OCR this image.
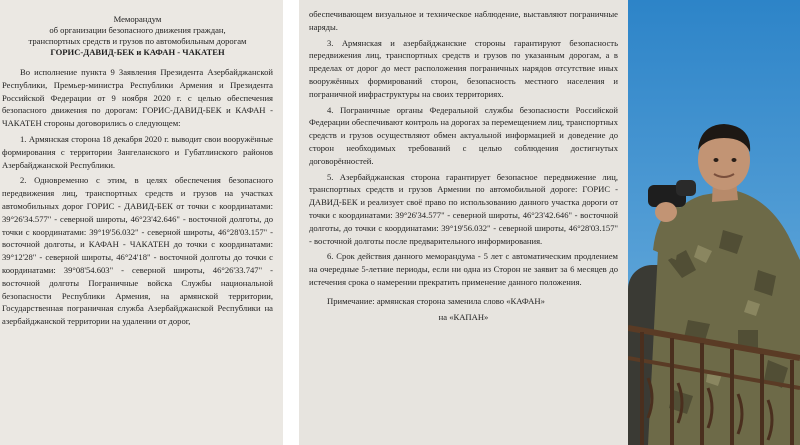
Меморандум

об организации безопасного движения граждан,

транспортных средств и грузов по автомобильным дорогам

ГОРИС-ДАВИД-БЕК и КАФАН - ЧАКАТЕН

Во исполнение пункта 9 Заявления Президента Азербайджанской Республики, Премьер-министра Республики Армения и Президента Российской Федерации от 9 ноября 2020 г. с целью обеспечения безопасного движения по дорогам: ГОРИС-ДАВИД-БЕК и КАФАН - ЧАКАТЕН стороны договорились о следующем:

1. Армянская сторона 18 декабря 2020 г. выводит свои вооружённые формирования с территории Зангеланского и Губатлинского районов Азербайджанской Республики.

2. Одновременно с этим, в целях обеспечения безопасного передвижения лиц, транспортных средств и грузов на участках автомобильных дорог ГОРИС - ДАВИД-БЕК от точки с координатами: 39°26'34.577" - северной широты, 46°23'42.646" - восточной долготы, до точки с координатами: 39°19'56.032" - северной широты, 46°28'03.157" - восточной долготы, и КАФАН - ЧАКАТЕН до точки с координатами: 39°12'28" - северной широты, 46°24'18" - восточной долготы до точки с координатами: 39°08'54.603" - северной широты, 46°26'33.747" - восточной долготы Пограничные войска Службы национальной безопасности Республики Армения, на армянской территории, Государственная пограничная служба Азербайджанской Республики на азербайджанской территории на удалении от дорог,

обеспечивающем визуальное и техническое наблюдение, выставляют пограничные наряды.

3. Армянская и азербайджанские стороны гарантируют безопасность передвижения лиц, транспортных средств и грузов по указанным дорогам, а в пределах от дорог до мест расположения пограничных нарядов отсутствие иных вооружённых формирований сторон, безопасность местного населения и пограничной инфраструктуры на своих территориях.

4. Пограничные органы Федеральной службы безопасности Российской Федерации обеспечивают контроль на дорогах за перемещением лиц, транспортных средств и грузов осуществляют обмен актуальной информацией и доведение до сторон необходимых требований с целью соблюдения достигнутых договорённостей.

5. Азербайджанская сторона гарантирует безопасное передвижение лиц, транспортных средств и грузов Армении по автомобильной дороге: ГОРИС - ДАВИД-БЕК и реализует своё право по использованию данного участка дороги от точки с координатами: 39°26'34.577" - северной широты, 46°23'42.646" - восточной долготы, до точки с координатами: 39°19'56.032" - северной широты, 46°28'03.157" - восточной долготы после предварительного информирования.

6. Срок действия данного меморандума - 5 лет с автоматическим продлением на очередные 5-летние периоды, если ни одна из Сторон не заявит за 6 месяцев до истечения срока о намерении прекратить применение данного положения.

Примечание: армянская сторона заменила слово «КАФАН»

на «КАПАН»
